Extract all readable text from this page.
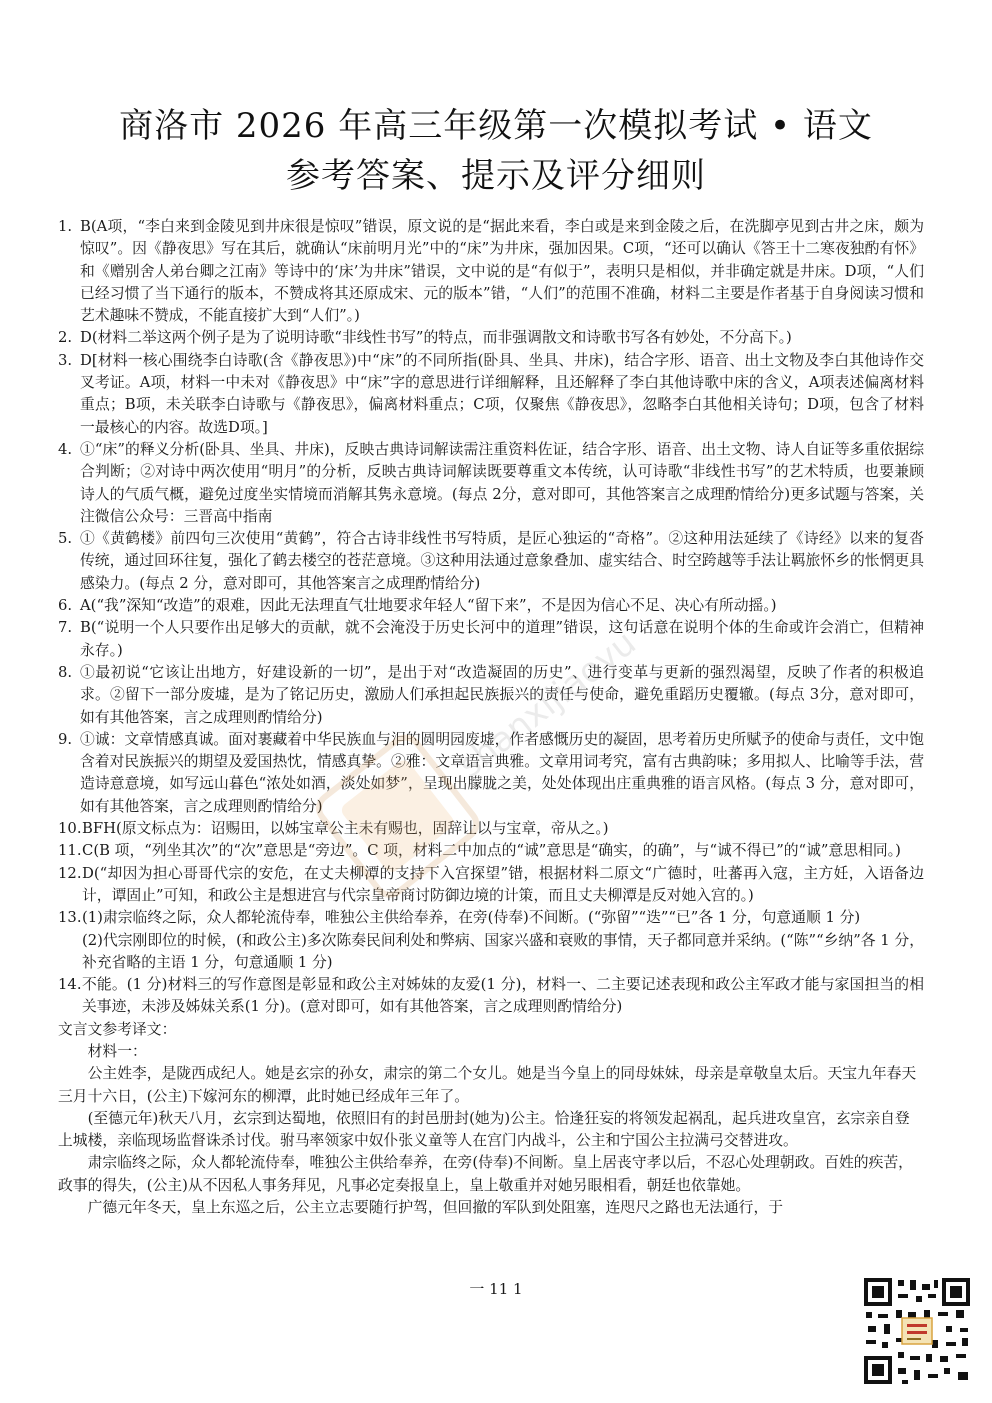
商洛市 2026 年高三年级第一次模拟考试 • 语文
参考答案、提示及评分细则
1. B(A项，“李白来到金陵见到井床很是惊叹”错误，原文说的是“据此来看，李白或是来到金陵之后，在洗脚亭见到古井之床，颇为惊叹”。因《静夜思》写在其后，就确认“床前明月光”中的“床”为井床，强加因果。C项，“还可以确认《答王十二寒夜独酌有怀》和《赠别舍人弟台卿之江南》等诗中的‘床’为井床”错误，文中说的是“有似于”，表明只是相似，并非确定就是井床。D项，“人们已经习惯了当下通行的版本，不赞成将其还原成宋、元的版本”错，“人们”的范围不准确，材料二主要是作者基于自身阅读习惯和艺术趣味不赞成，不能直接扩大到“人们”。)
2. D(材料二举这两个例子是为了说明诗歌“非线性书写”的特点，而非强调散文和诗歌书写各有妙处，不分高下。)
3. D[材料一核心围绕李白诗歌(含《静夜思》)中“床”的不同所指(卧具、坐具、井床)，结合字形、语音、出土文物及李白其他诗作交叉考证。A项，材料一中未对《静夜思》中“床”字的意思进行详细解释，且还解释了李白其他诗歌中床的含义，A项表述偏离材料重点；B项，未关联李白诗歌与《静夜思》，偏离材料重点；C项，仅聚焦《静夜思》，忽略李白其他相关诗句；D项，包含了材料一最核心的内容。故选D项。]
4. ①“床”的释义分析(卧具、坐具、井床)，反映古典诗词解读需注重资料佐证，结合字形、语音、出土文物、诗人自证等多重依据综合判断；②对诗中两次使用“明月”的分析，反映古典诗词解读既要尊重文本传统，认可诗歌“非线性书写”的艺术特质，也要兼顾诗人的气质气概，避免过度坐实情境而消解其隽永意境。(每点 2分，意对即可，其他答案言之成理酌情给分)更多试题与答案，关注微信公众号：三晋高中指南
5. ①《黄鹤楼》前四句三次使用“黄鹤”，符合古诗非线性书写特质，是匠心独运的“奇格”。②这种用法延续了《诗经》以来的复沓传统，通过回环往复，强化了鹤去楼空的苍茫意境。③这种用法通过意象叠加、虚实结合、时空跨越等手法让羁旅怀乡的怅惘更具感染力。(每点 2 分，意对即可，其他答案言之成理酌情给分)
6. A(“我”深知“改造”的艰难，因此无法理直气壮地要求年轻人“留下来”，不是因为信心不足、决心有所动摇。)
7. B(“说明一个人只要作出足够大的贡献，就不会淹没于历史长河中的道理”错误，这句话意在说明个体的生命或许会消亡，但精神永存。)
8. ①最初说“它该让出地方，好建设新的一切”，是出于对“改造凝固的历史”、进行变革与更新的强烈渴望，反映了作者的积极追求。②留下一部分废墟，是为了铭记历史，激励人们承担起民族振兴的责任与使命，避免重蹈历史覆辙。(每点 3分，意对即可，如有其他答案，言之成理则酌情给分)
9. ①诚：文章情感真诚。面对裹藏着中华民族血与泪的圆明园废墟，作者感慨历史的凝固，思考着历史所赋予的使命与责任，文中饱含着对民族振兴的期望及爱国热忱，情感真挚。②雅：文章语言典雅。文章用词考究，富有古典韵味；多用拟人、比喻等手法，营造诗意意境，如写远山暮色“浓处如酒，淡处如梦”，呈现出朦胧之美，处处体现出庄重典雅的语言风格。(每点 3 分，意对即可，如有其他答案，言之成理则酌情给分)
10. BFH(原文标点为：诏赐田，以姊宝章公主未有赐也，固辞让以与宝章，帝从之。)
11. C(B 项，“列坐其次”的“次”意思是“旁边”。C 项，材料二中加点的“诚”意思是“确实，的确”，与“诚不得已”的“诚”意思相同。)
12. D(“却因为担心哥哥代宗的安危，在丈夫柳潭的支持下入宫探望”错，根据材料二原文“广德时，吐蕃再入寇，主方妊，入语备边计，谭固止”可知，和政公主是想进宫与代宗皇帝商讨防御边境的计策，而且丈夫柳潭是反对她入宫的。)
13. (1)肃宗临终之际，众人都轮流侍奉，唯独公主供给奉养，在旁(侍奉)不间断。(“弥留”“迭”“已”各 1 分，句意通顺 1 分)

(2)代宗刚即位的时候，(和政公主)多次陈奏民间利处和弊病、国家兴盛和衰败的事情，天子都同意并采纳。(“陈”“乡纳”各 1 分，补充省略的主语 1 分，句意通顺 1 分)

14. 不能。(1 分)材料三的写作意图是彰显和政公主对姊妹的友爱(1 分)，材料一、二主要记述表现和政公主军政才能与家国担当的相关事迹，未涉及姊妹关系(1 分)。(意对即可，如有其他答案，言之成理则酌情给分)

文言文参考译文：

材料一：

公主姓李，是陇西成纪人。她是玄宗的孙女，肃宗的第二个女儿。她是当今皇上的同母妹妹，母亲是章敬皇太后。天宝九年春天三月十六日，(公主)下嫁河东的柳潭，此时她已经成年三年了。

(至德元年)秋天八月，玄宗到达蜀地，依照旧有的封邑册封(她为)公主。恰逢狂妄的将领发起祸乱，起兵进攻皇宫，玄宗亲自登上城楼，亲临现场监督诛杀讨伐。驸马率领家中奴仆张义童等人在宫门内战斗，公主和宁国公主拉满弓交替进攻。

肃宗临终之际，众人都轮流侍奉，唯独公主供给奉养，在旁(侍奉)不间断。皇上居丧守孝以后，不忍心处理朝政。百姓的疾苦，政事的得失，(公主)从不因私人事务拜见，凡事必定奏报皇上，皇上敬重并对她另眼相看，朝廷也依靠她。

广德元年冬天，皇上东巡之后，公主立志要随行护驾，但回撤的军队到处阻塞，连咫尺之路也无法通行，于

shanxijiaoyu
一 11 1
